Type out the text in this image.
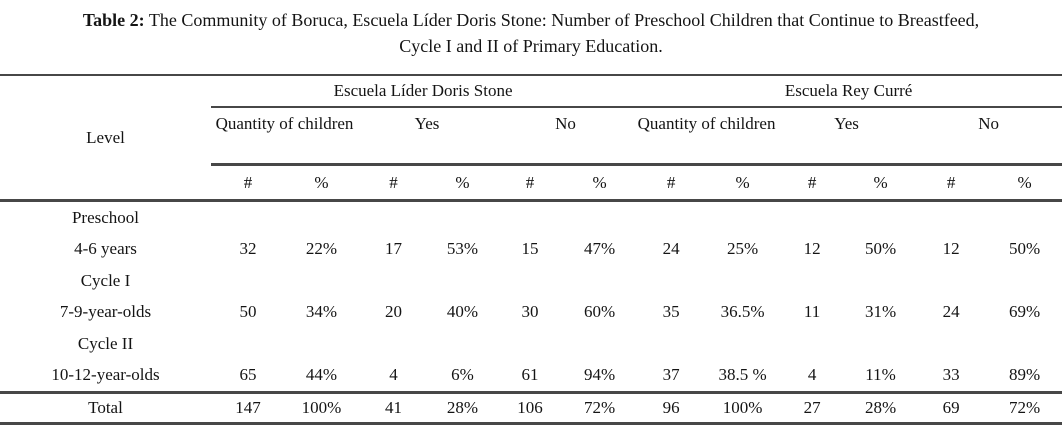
Table 2: The Community of Boruca, Escuela Líder Doris Stone: Number of Preschool Children that Continue to Breastfeed,
Cycle I and II of Primary Education.
Level	Escuela Líder Doris Stone						Escuela Rey Curré					
	Quantity of children		Yes		No		Quantity of children		Yes		No	
	#	%	#	%	#	%	#	%	#	%	#	%
Preschool												
4-6 years	32	22%	17	53%	15	47%	24	25%	12	50%	12	50%
Cycle I												
7-9-year-olds	50	34%	20	40%	30	60%	35	36.5%	11	31%	24	69%
Cycle II												
10-12-year-olds	65	44%	4	6%	61	94%	37	38.5 %	4	11%	33	89%
Total	147	100%	41	28%	106	72%	96	100%	27	28%	69	72%
